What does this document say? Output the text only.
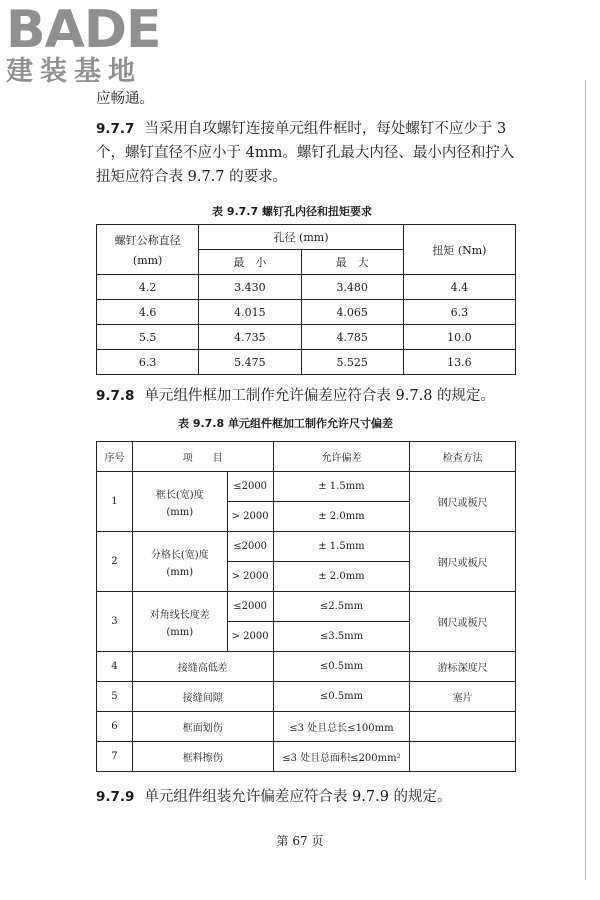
BADE
建装基地
应畅通。
9.7.7 当采用自攻螺钉连接单元组件框时，每处螺钉不应少于 3
个，螺钉直径不应小于 4mm。螺钉孔最大内径、最小内径和拧入
扭矩应符合表 9.7.7 的要求。
表 9.7.7 螺钉孔内径和扭矩要求
螺钉公称直径
(mm)	孔径 (mm)		扭矩 (Nm)
	最　小	最　大	
4.2	3.430	3.480	4.4
4.6	4.015	4.065	6.3
5.5	4.735	4.785	10.0
6.3	5.475	5.525	13.6
9.7.8 单元组件框加工制作允许偏差应符合表 9.7.8 的规定。
表 9.7.8 单元组件框加工制作允许尺寸偏差
序号	项　　目		允许偏差	检查方法
1	框长(宽)度
(mm)	≤2000	± 1.5mm	钢尺或板尺
		> 2000	± 2.0mm	
2	分格长(宽)度
(mm)	≤2000	± 1.5mm	钢尺或板尺
		> 2000	± 2.0mm	
3	对角线长度差
(mm)	≤2000	≤2.5mm	钢尺或板尺
		> 2000	≤3.5mm	
4	接缝高低差		≤0.5mm	游标深度尺
5	接缝间隙		≤0.5mm	塞片
6	框面划伤		≤3 处且总长≤100mm	
7	框料擦伤		≤3 处且总面积≤200mm²	
9.7.9 单元组件组装允许偏差应符合表 9.7.9 的规定。
第 67 页
